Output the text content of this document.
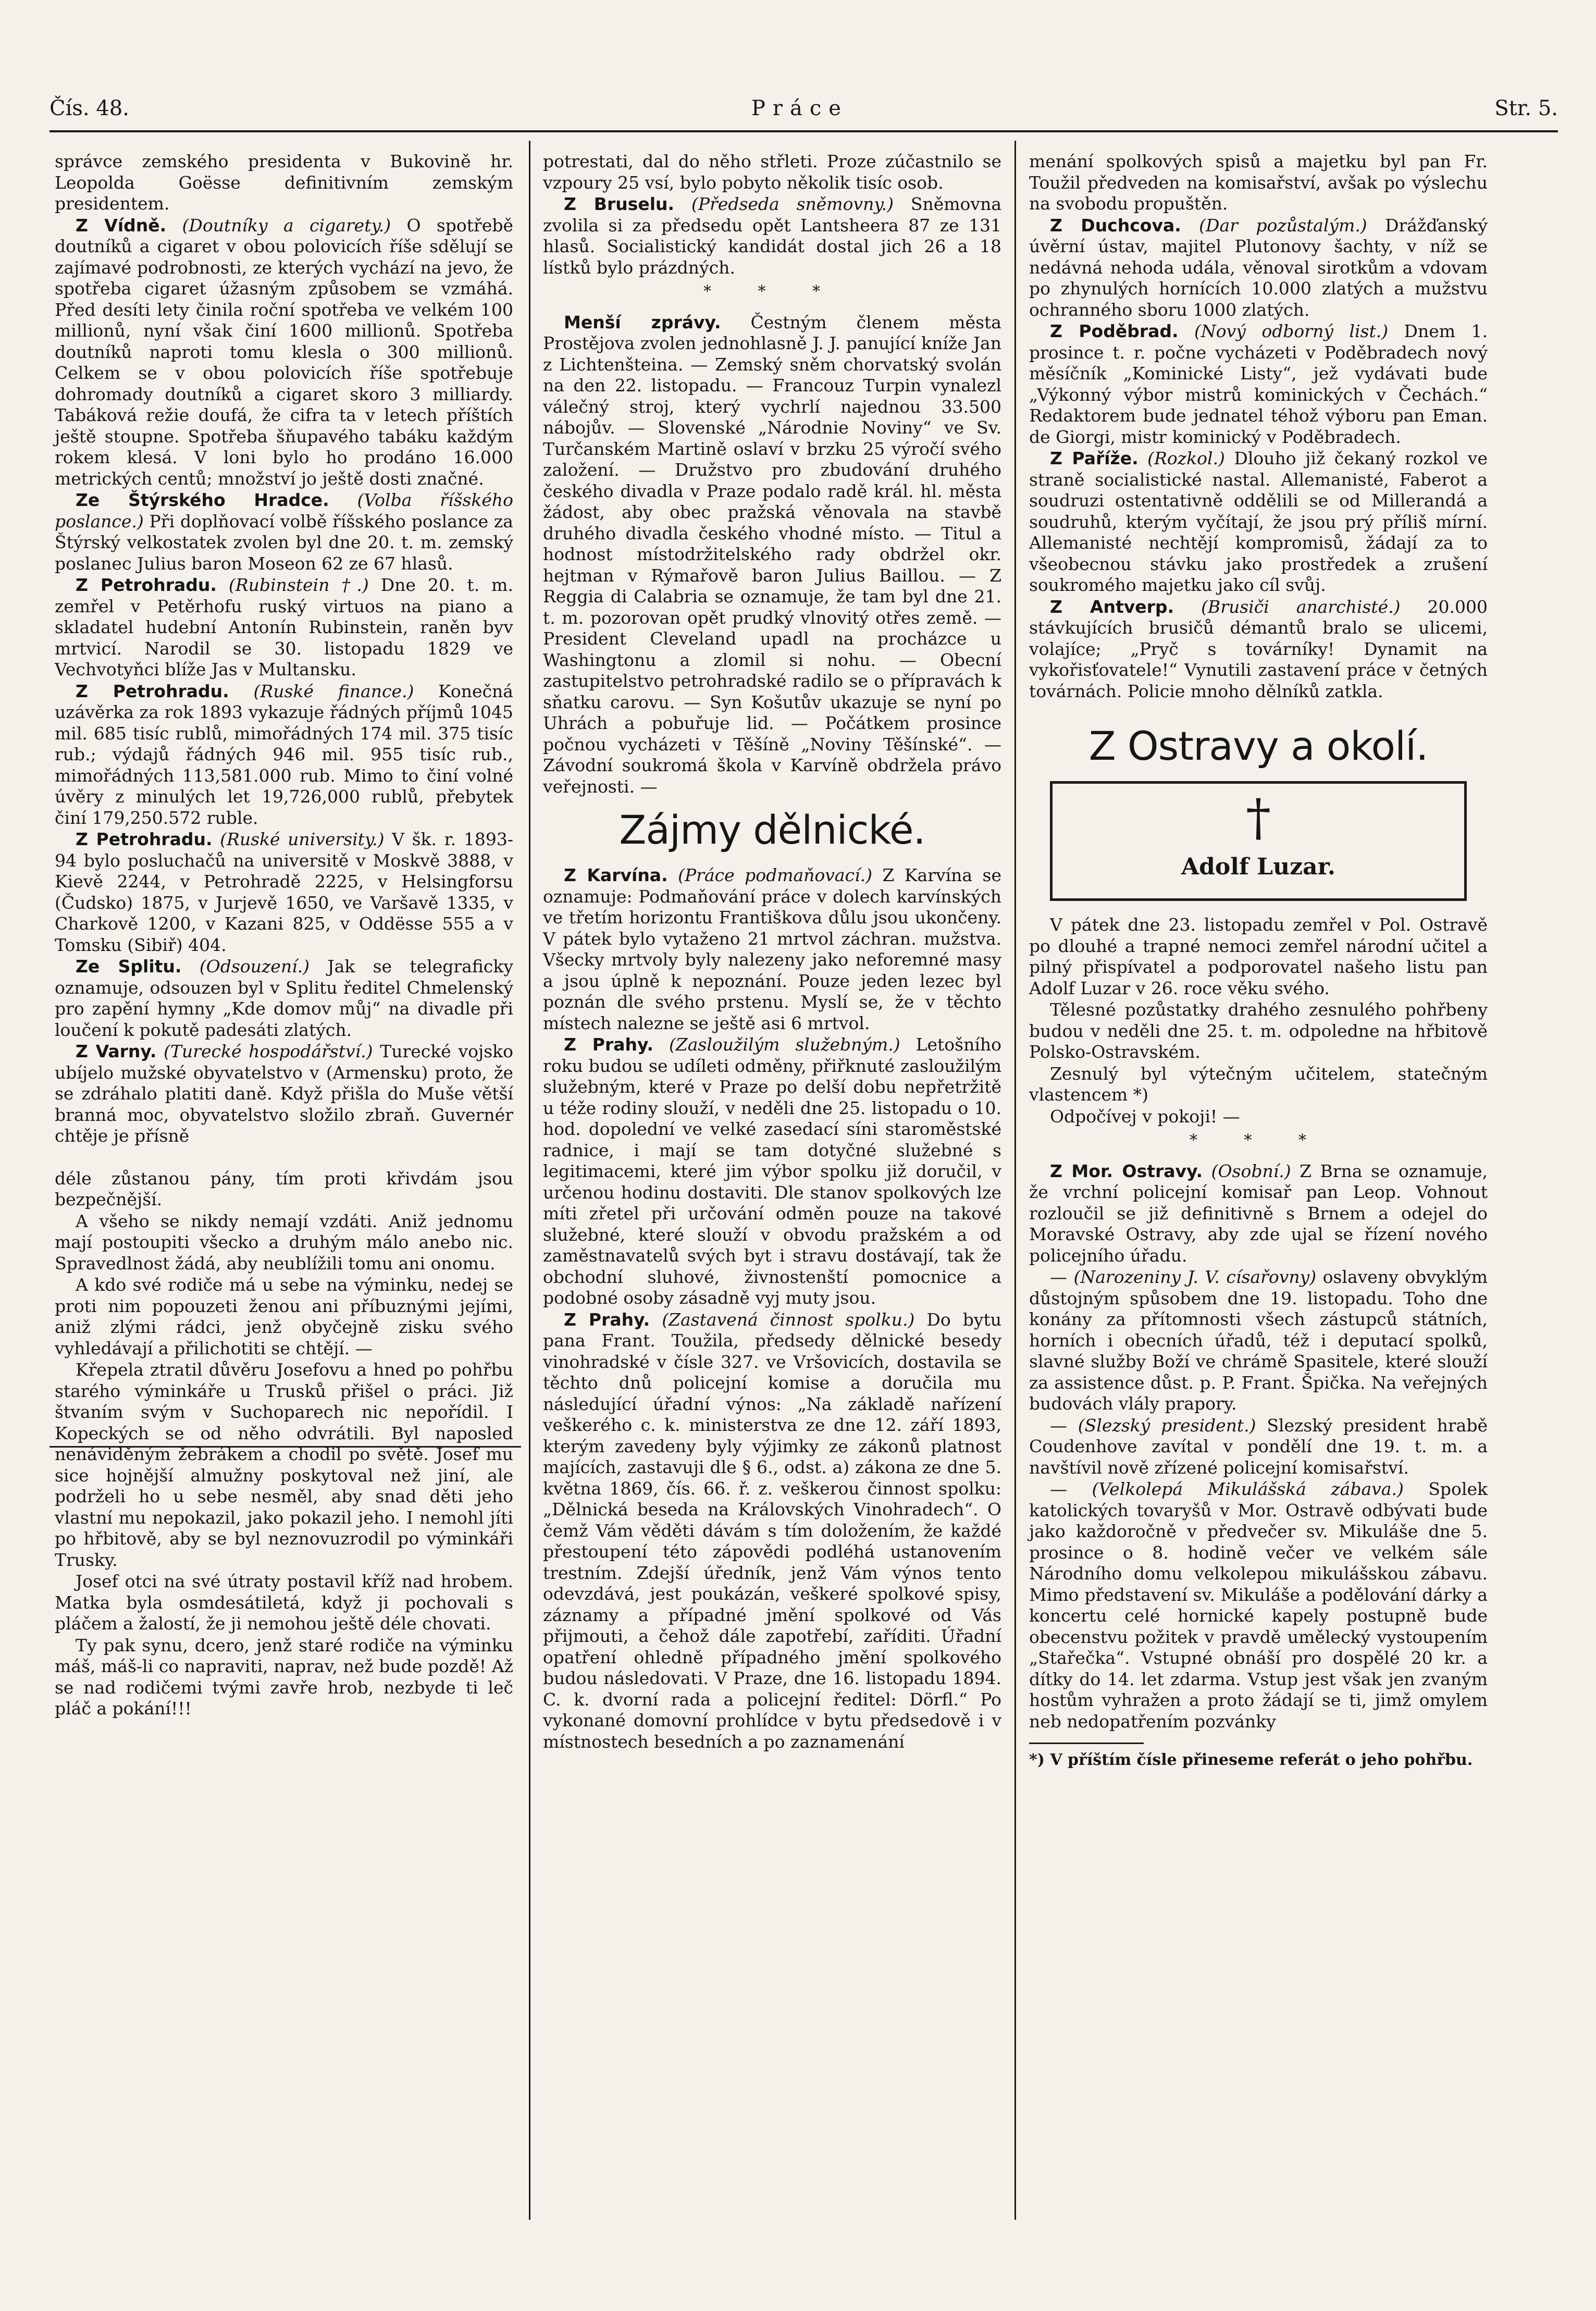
Čís. 48.	Práce	Str. 5.

správce zemského presidenta v Bukovině hr. Leopolda Goësse definitivním zemským presidentem.

Z Vídně. (Doutníky a cigarety.) O spotřebě doutníků a cigaret v obou polovicích říše sdělují se zajímavé podrobnosti, ze kterých vychází na jevo, že spotřeba cigaret úžasným způsobem se vzmáhá. Před desíti lety činila roční spotřeba ve velkém 100 millionů, nyní však činí 1600 millionů. Spotřeba doutníků naproti tomu klesla o 300 millionů. Celkem se v obou polovicích říše spotřebuje dohromady doutníků a cigaret skoro 3 milliardy. Tabáková režie doufá, že cifra ta v letech příštích ještě stoupne. Spotřeba šňupavého tabáku každým rokem klesá. V loni bylo ho prodáno 16.000 metrických centů; množství jo ještě dosti značné.

Ze Štýrského Hradce. (Volba říšského poslance.) Při doplňovací volbě říšského poslance za Štýrský velkostatek zvolen byl dne 20. t. m. zemský poslanec Julius baron Moseon 62 ze 67 hlasů.

Z Petrohradu. (Rubinstein †.) Dne 20. t. m. zemřel v Petěrhofu ruský virtuos na piano a skladatel hudební Antonín Rubinstein, raněn byv mrtvicí. Narodil se 30. listopadu 1829 ve Vechvotyňci blíže Jas v Multansku.

Z Petrohradu. (Ruské finance.) Konečná uzávěrka za rok 1893 vykazuje řádných příjmů 1045 mil. 685 tisíc rublů, mimořádných 174 mil. 375 tisíc rub.; výdajů řádných 946 mil. 955 tisíc rub., mimořádných 113,581.000 rub. Mimo to činí volné úvěry z minulých let 19,726,000 rublů, přebytek činí 179,250.572 ruble.

Z Petrohradu. (Ruské university.) V šk. r. 1893-94 bylo posluchačů na universitě v Moskvě 3888, v Kievě 2244, v Petrohradě 2225, v Helsingforsu (Čudsko) 1875, v Jurjevě 1650, ve Varšavě 1335, v Charkově 1200, v Kazani 825, v Oddësse 555 a v Tomsku (Sibiř) 404.

Ze Splitu. (Odsouzení.) Jak se telegraficky oznamuje, odsouzen byl v Splitu ředitel Chmelenský pro zapění hymny „Kde domov můj“ na divadle při loučení k pokutě padesáti zlatých.

Z Varny. (Turecké hospodářství.) Turecké vojsko ubíjelo mužské obyvatelstvo v (Armensku) proto, že se zdráhalo platiti daně. Když přišla do Muše větší branná moc, obyvatelstvo složilo zbraň. Guvernér chtěje je přísně

déle zůstanou pány, tím proti křivdám jsou bezpečnější.

A všeho se nikdy nemají vzdáti. Aniž jednomu mají postoupiti všecko a druhým málo anebo nic. Spravedlnost žádá, aby neublížili tomu ani onomu.

A kdo své rodiče má u sebe na výminku, nedej se proti nim popouzeti ženou ani příbuznými jejími, aniž zlými rádci, jenž obyčejně zisku svého vyhledávají a přilichotiti se chtějí. —

Křepela ztratil důvěru Josefovu a hned po pohřbu starého výminkáře u Trusků přišel o práci. Již štvaním svým v Suchoparech nic nepořídil. I Kopeckých se od něho odvrátili. Byl naposled nenáviděným žebrákem a chodil po světě. Josef mu sice hojnější almužny poskytoval než jiní, ale podrželi ho u sebe nesměl, aby snad děti jeho vlastní mu nepokazil, jako pokazil jeho. I nemohl jíti po hřbitově, aby se byl neznovuzrodil po výminkáři Trusky.

Josef otci na své útraty postavil kříž nad hrobem. Matka byla osmdesátiletá, když ji pochovali s pláčem a žalostí, že ji nemohou ještě déle chovati.

Ty pak synu, dcero, jenž staré rodiče na výminku máš, máš-li co napraviti, naprav, než bude pozdě! Až se nad rodičemi tvými zavře hrob, nezbyde ti leč pláč a pokání!!!

potrestati, dal do něho střleti. Proze zúčastnilo se vzpoury 25 vsí, bylo pobyto několik tisíc osob.

Z Bruselu. (Předseda sněmovny.) Sněmovna zvolila si za předsedu opět Lantsheera 87 ze 131 hlasů. Socialistický kandidát dostal jich 26 a 18 lístků bylo prázdných.

* * *

Menší zprávy. Čestným členem města Prostějova zvolen jednohlasně J. J. panující kníže Jan z Lichtenšteina. — Zemský sněm chorvatský svolán na den 22. listopadu. — Francouz Turpin vynalezl válečný stroj, který vychrlí najednou 33.500 nábojův. — Slovenské „Národnie Noviny“ ve Sv. Turčanském Martině oslaví v brzku 25 výročí svého založení. — Družstvo pro zbudování druhého českého divadla v Praze podalo radě král. hl. města žádost, aby obec pražská věnovala na stavbě druhého divadla českého vhodné místo. — Titul a hodnost místodržitelského rady obdržel okr. hejtman v Rýmařově baron Julius Baillou. — Z Reggia di Calabria se oznamuje, že tam byl dne 21. t. m. pozorovan opět prudký vlnovitý otřes země. — President Cleveland upadl na procházce u Washingtonu a zlomil si nohu. — Obecní zastupitelstvo petrohradské radilo se o přípravách k sňatku carovu. — Syn Košutův ukazuje se nyní po Uhrách a pobuřuje lid. — Počátkem prosince počnou vycházeti v Těšíně „Noviny Těšínské“. — Závodní soukromá škola v Karvíně obdržela právo veřejnosti. —

Zájmy dělnické.

Z Karvína. (Práce podmaňovací.) Z Karvína se oznamuje: Podmaňování práce v dolech karvínských ve třetím horizontu Františkova důlu jsou ukončeny. V pátek bylo vytaženo 21 mrtvol záchran. mužstva. Všecky mrtvoly byly nalezeny jako neforemné masy a jsou úplně k nepoznání. Pouze jeden lezec byl poznán dle svého prstenu. Myslí se, že v těchto místech nalezne se ještě asi 6 mrtvol.

Z Prahy. (Zasloužilým služebným.) Letošního roku budou se udíleti odměny, přiřknuté zasloužilým služebným, které v Praze po delší dobu nepřetržitě u téže rodiny slouží, v neděli dne 25. listopadu o 10. hod. dopolední ve velké zasedací síni staroměstské radnice, i mají se tam dotyčné služebné s legitimacemi, které jim výbor spolku již doručil, v určenou hodinu dostaviti. Dle stanov spolkových lze míti zřetel při určování odměn pouze na takové služebné, které slouží v obvodu pražském a od zaměstnavatelů svých byt i stravu dostávají, tak že obchodní sluhové, živnostenští pomocnice a podobné osoby zásadně vyj muty jsou.

Z Prahy. (Zastavená činnost spolku.) Do bytu pana Frant. Toužila, předsedy dělnické besedy vinohradské v čísle 327. ve Vršovicích, dostavila se těchto dnů policejní komise a doručila mu následující úřadní výnos: „Na základě nařízení veškerého c. k. ministerstva ze dne 12. září 1893, kterým zavedeny byly výjimky ze zákonů platnost majících, zastavuji dle § 6., odst. a) zákona ze dne 5. května 1869, čís. 66. ř. z. veškerou činnost spolku: „Dělnická beseda na Královských Vinohradech“. O čemž Vám věděti dávám s tím doložením, že každé přestoupení této zápovědi podléhá ustanovením trestním. Zdejší úředník, jenž Vám výnos tento odevzdává, jest poukázán, veškeré spolkové spisy, záznamy a případné jmění spolkové od Vás přijmouti, a čehož dále zapotřebí, zaříditi. Úřadní opatření ohledně případného jmění spolkového budou následovati. V Praze, dne 16. listopadu 1894. C. k. dvorní rada a policejní ředitel: Dörfl.“ Po vykonané domovní prohlídce v bytu předsedově i v místnostech besedních a po zaznamenání

menání spolkových spisů a majetku byl pan Fr. Toužil předveden na komisařství, avšak po výslechu na svobodu propuštěn.

Z Duchcova. (Dar pozůstalým.) Drážďanský úvěrní ústav, majitel Plutonovy šachty, v níž se nedávná nehoda udála, věnoval sirotkům a vdovam po zhynulých hornících 10.000 zlatých a mužstvu ochranného sboru 1000 zlatých.

Z Poděbrad. (Nový odborný list.) Dnem 1. prosince t. r. počne vycházeti v Poděbradech nový měsíčník „Kominické Listy“, jež vydávati bude „Výkonný výbor mistrů kominických v Čechách.“ Redaktorem bude jednatel téhož výboru pan Eman. de Giorgi, mistr kominický v Poděbradech.

Z Paříže. (Rozkol.) Dlouho již čekaný rozkol ve straně socialistické nastal. Allemanisté, Faberot a soudruzi ostentativně oddělili se od Millerandá a soudruhů, kterým vyčítají, že jsou prý příliš mírní. Allemanisté nechtějí kompromisů, žádají za to všeobecnou stávku jako prostředek a zrušení soukromého majetku jako cíl svůj.

Z Antverp. (Brusiči anarchisté.) 20.000 stávkujících brusičů démantů bralo se ulicemi, volajíce; „Pryč s továrníky! Dynamit na vykořisťovatele!“ Vynutili zastavení práce v četných továrnách. Policie mnoho dělníků zatkla.

Z Ostravy a okolí.
†
Adolf Luzar.

V pátek dne 23. listopadu zemřel v Pol. Ostravě po dlouhé a trapné nemoci zemřel národní učitel a pilný přispívatel a podporovatel našeho listu pan Adolf Luzar v 26. roce věku svého.

Tělesné pozůstatky drahého zesnulého pohřbeny budou v neděli dne 25. t. m. odpoledne na hřbitově Polsko-Ostravském.

Zesnulý byl výtečným učitelem, statečným vlastencem *)

Odpočívej v pokoji! —

* * *

Z Mor. Ostravy. (Osobní.) Z Brna se oznamuje, že vrchní policejní komisař pan Leop. Vohnout rozloučil se již definitivně s Brnem a odejel do Moravské Ostravy, aby zde ujal se řízení nového policejního úřadu.

— (Narozeniny J. V. císařovny) oslaveny obvyklým důstojným spůsobem dne 19. listopadu. Toho dne konány za přítomnosti všech zástupců státních, horních i obecních úřadů, též i deputací spolků, slavné služby Boží ve chrámě Spasitele, které slouží za assistence důst. p. P. Frant. Špička. Na veřejných budovách vlály prapory.

— (Slezský president.) Slezský president hrabě Coudenhove zavítal v pondělí dne 19. t. m. a navštívil nově zřízené policejní komisařství.

— (Velkolepá Mikulášská zábava.) Spolek katolických tovaryšů v Mor. Ostravě odbývati bude jako každoročně v předvečer sv. Mikuláše dne 5. prosince o 8. hodině večer ve velkém sále Národního domu velkolepou mikulášskou zábavu. Mimo představení sv. Mikuláše a podělování dárky a koncertu celé hornické kapely postupně bude obecenstvu požitek v pravdě umělecký vystoupením „Stařečka“. Vstupné obnáší pro dospělé 20 kr. a dítky do 14. let zdarma. Vstup jest však jen zvaným hostům vyhražen a proto žádají se ti, jimž omylem neb nedopatřením pozvánky

*) V příštím čísle přineseme referát o jeho pohřbu.
